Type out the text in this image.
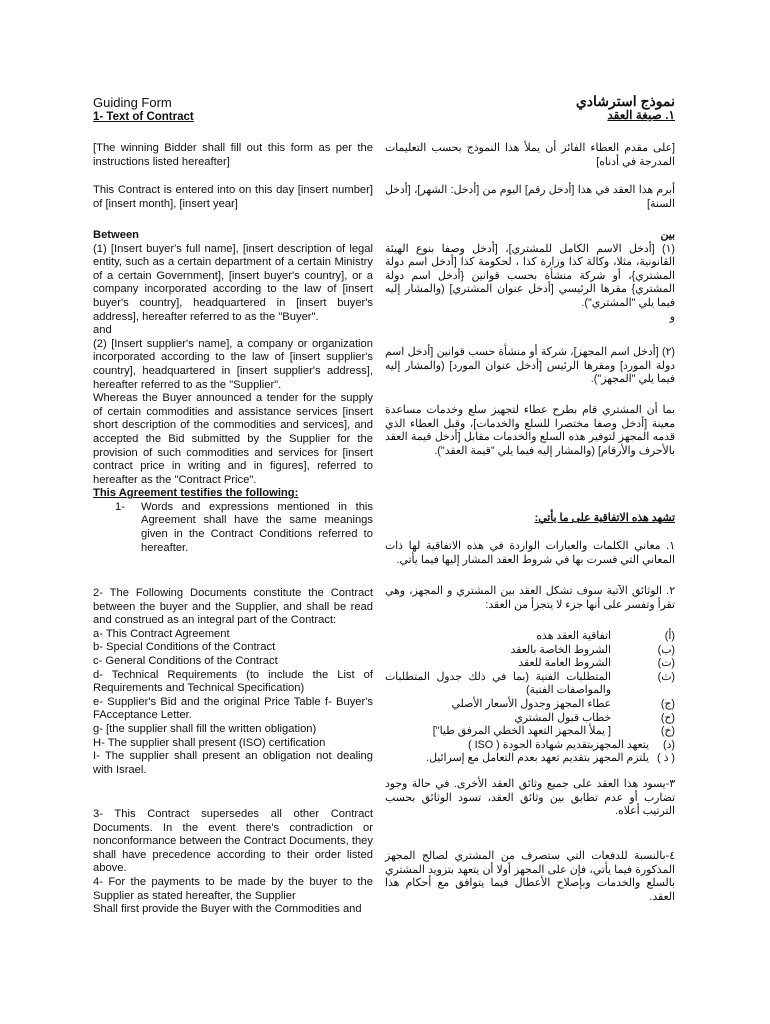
Guiding Form
1- Text of Contract
نموذج استرشادي
١. صيغة العقد

[The winning Bidder shall fill out this form as per the instructions listed hereafter]

This Contract is entered into on this day [insert number] of [insert month], [insert year]

Between

(1) [Insert buyer's full name], [insert description of legal entity, such as a certain department of a certain Ministry of a certain Government], [insert buyer's country], or a company incorporated according to the law of [insert buyer's country], headquartered in [insert buyer's address], hereafter referred to as the "Buyer".

and

(2) [Insert supplier's name], a company or organization incorporated according to the law of [insert supplier's country], headquartered in [insert supplier's address], hereafter referred to as the "Supplier".

Whereas the Buyer announced a tender for the supply of certain commodities and assistance services [insert short description of the commodities and services], and accepted the Bid submitted by the Supplier for the provision of such commodities and services for [insert contract price in writing and in figures], referred to hereafter as the "Contract Price".

This Agreement testifies the following:

1-	Words and expressions mentioned in this Agreement shall have the same meanings given in the Contract Conditions referred to hereafter.

2- The Following Documents constitute the Contract between the buyer and the Supplier, and shall be read and construed as an integral part of the Contract:

a- This Contract Agreement

b- Special Conditions of the Contract

c- General Conditions of the Contract

d- Technical Requirements (to include the List of Requirements and Technical Specification)

e- Supplier's Bid and the original Price Table f- Buyer's FAcceptance Letter.

g- [the supplier shall fill the written obligation)

H- The supplier shall present (ISO) certification

I- The supplier shall present an obligation not dealing with Israel.

3- This Contract supersedes all other Contract Documents. In the event there's contradiction or nonconformance between the Contract Documents, they shall have precedence according to their order listed above.

4- For the payments to be made by the buyer to the Supplier as stated hereafter, the Supplier

Shall first provide the Buyer with the Commodities and

[على مقدم العطاء الفائز أن يملأ هذا النموذج بحسب التعليمات المدرجة في أدناه]

أبرم هذا العقد في هذا [أدخل رقم] اليوم من [أدخل: الشهر]، [أدخل السنة]

بين

(١) [أدخل الاسم الكامل للمشتري]، [أدخل وصفا بنوع الهيئة القانونية، مثلا، وكالة كذا وزارة كذا ، لحكومة كذا [أدخل اسم دولة المشتري}، أو شركة منشأة بحسب قوانين {أدخل اسم دولة المشتري} مقرها الرئيسي [أدخل عنوان المشتري] (والمشار إليه فيما يلي "المشتري").

و

(٢) [أدخل اسم المجهز]، شركة أو منشأة حسب قوانين [أدخل اسم دولة المورد] ومقرها الرئيس [أدخل عنوان المورد] (والمشار إليه فيما يلي "المجهز").

بما أن المشتري قام بطرح عطاء لتجهيز سلع وخدمات مساعدة معينة [أدخل وصفا مختصرا للسلع والخدمات]، وقبل العطاء الذي قدمه المجهز لتوفير هذه السلع والخدمات مقابل [أدخل قيمة العقد بالأحرف والأرقام] (والمشار إليه فيما يلي "قيمة العقد").

تشهد هذه الاتفاقية على ما يأتي:

١. معاني الكلمات والعبارات الواردة في هذه الاتفاقية لها ذات المعاني التي فسرت بها في شروط العقد المشار إليها فيما يأتي.

٢. الوثائق الآتية سوف تشكل العقد بين المشتري و المجهز، وهي تقرأ وتفسر على أنها جزء لا يتجزأ من العقد:

(أ)
اتفاقية العقد هذه
(ب)
الشروط الخاصة بالعقد
(ت)
الشروط العامة للعقد
(ث)
المتطلبات الفنية (بما في ذلك جدول المتطلبات والمواصفات الفنية)
(ج)
عطاء المجهز وجدول الأسعار الأصلي
(ح)
خطاب قبول المشتري
(خ)
[ يملأ المجهز التعهد الخطي المرفق طيا"]
(د)
يتعهد المجهزبتقديم شهادة الجودة ( ISO )
( ذ )
يلتزم المجهز بتقديم تعهد بعدم التعامل مع إسرائيل.

٣-يسود هذا العقد على جميع وثائق العقد الأخرى. في حالة وجود تضارب أو عدم تطابق بين وثائق العقد، تسود الوثائق بحسب الترتيب أعلاه.

٤-بالنسبة للدفعات التي ستصرف من المشتري لصالح المجهز المذكورة فيما يأتي، فإن على المجهز أولا أن يتعهد بتزويد المشتري بالسلع والخدمات وبإصلاح الأعطال فيما يتوافق مع أحكام هذا العقد.
